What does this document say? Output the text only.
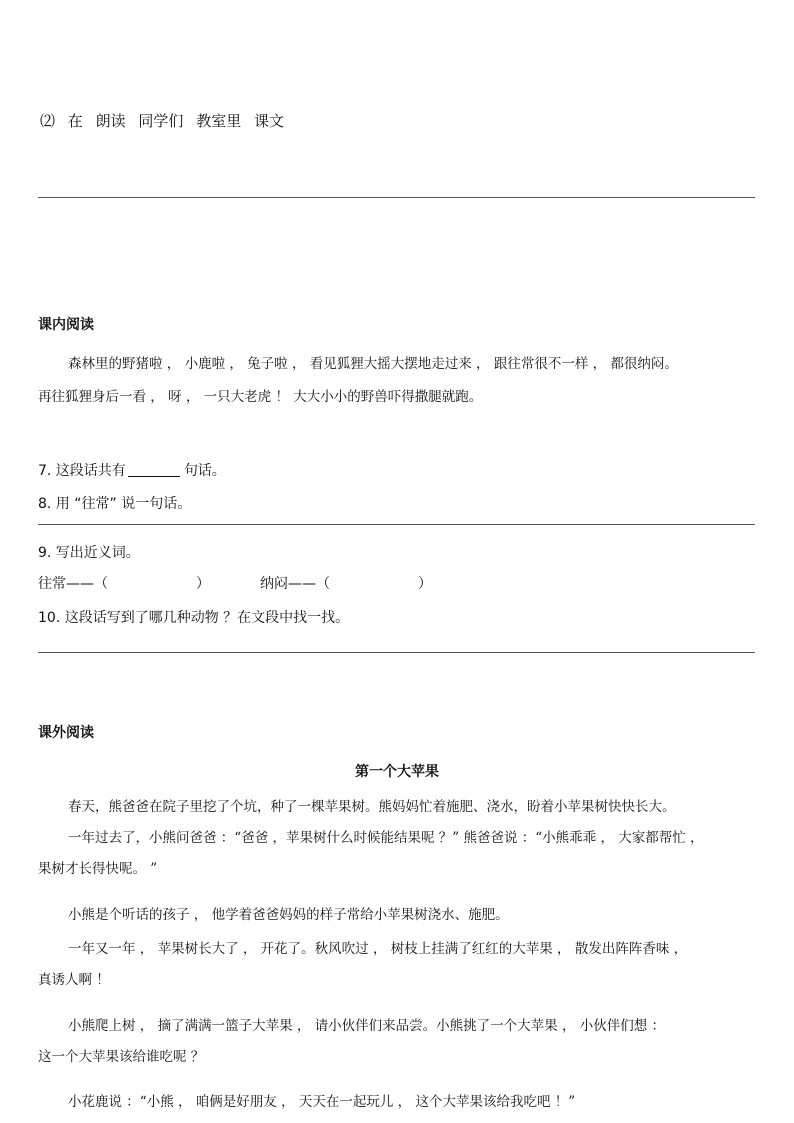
⑵ 在 朗读 同学们 教室里 课文
课内阅读
森林里的野猪啦 ， 小鹿啦 ， 兔子啦 ， 看见狐狸大摇大摆地走过来 ， 跟往常很不一样 ， 都很纳闷。
再往狐狸身后一看 ， 呀 ， 一只大老虎 ！ 大大小小的野兽吓得撒腿就跑。
7. 这段话共有	句话。
8. 用 “往常” 说一句话。
9. 写出近义词。
往常——（	）	纳闷——（	）
10. 这段话写到了哪几种动物 ？在文段中找一找。
课外阅读
第一个大苹果
春天，熊爸爸在院子里挖了个坑，种了一棵苹果树。熊妈妈忙着施肥、浇水，盼着小苹果树快快长大。
一年过去了，小熊问爸爸 ：“爸爸 ，苹果树什么时候能结果呢 ？” 熊爸爸说 ：“小熊乖乖 ， 大家都帮忙 ，
果树才长得快呢。 ”
小熊是个听话的孩子 ， 他学着爸爸妈妈的样子常给小苹果树浇水、施肥。
一年又一年 ， 苹果树长大了 ， 开花了。秋风吹过 ， 树枝上挂满了红红的大苹果 ， 散发出阵阵香味 ，
真诱人啊 ！
小熊爬上树 ， 摘了满满一篮子大苹果 ， 请小伙伴们来品尝。小熊挑了一个大苹果 ， 小伙伴们想 ：
这一个大苹果该给谁吃呢 ？
小花鹿说 ：“小熊 ， 咱俩是好朋友 ， 天天在一起玩儿 ， 这个大苹果该给我吃吧 ！”
